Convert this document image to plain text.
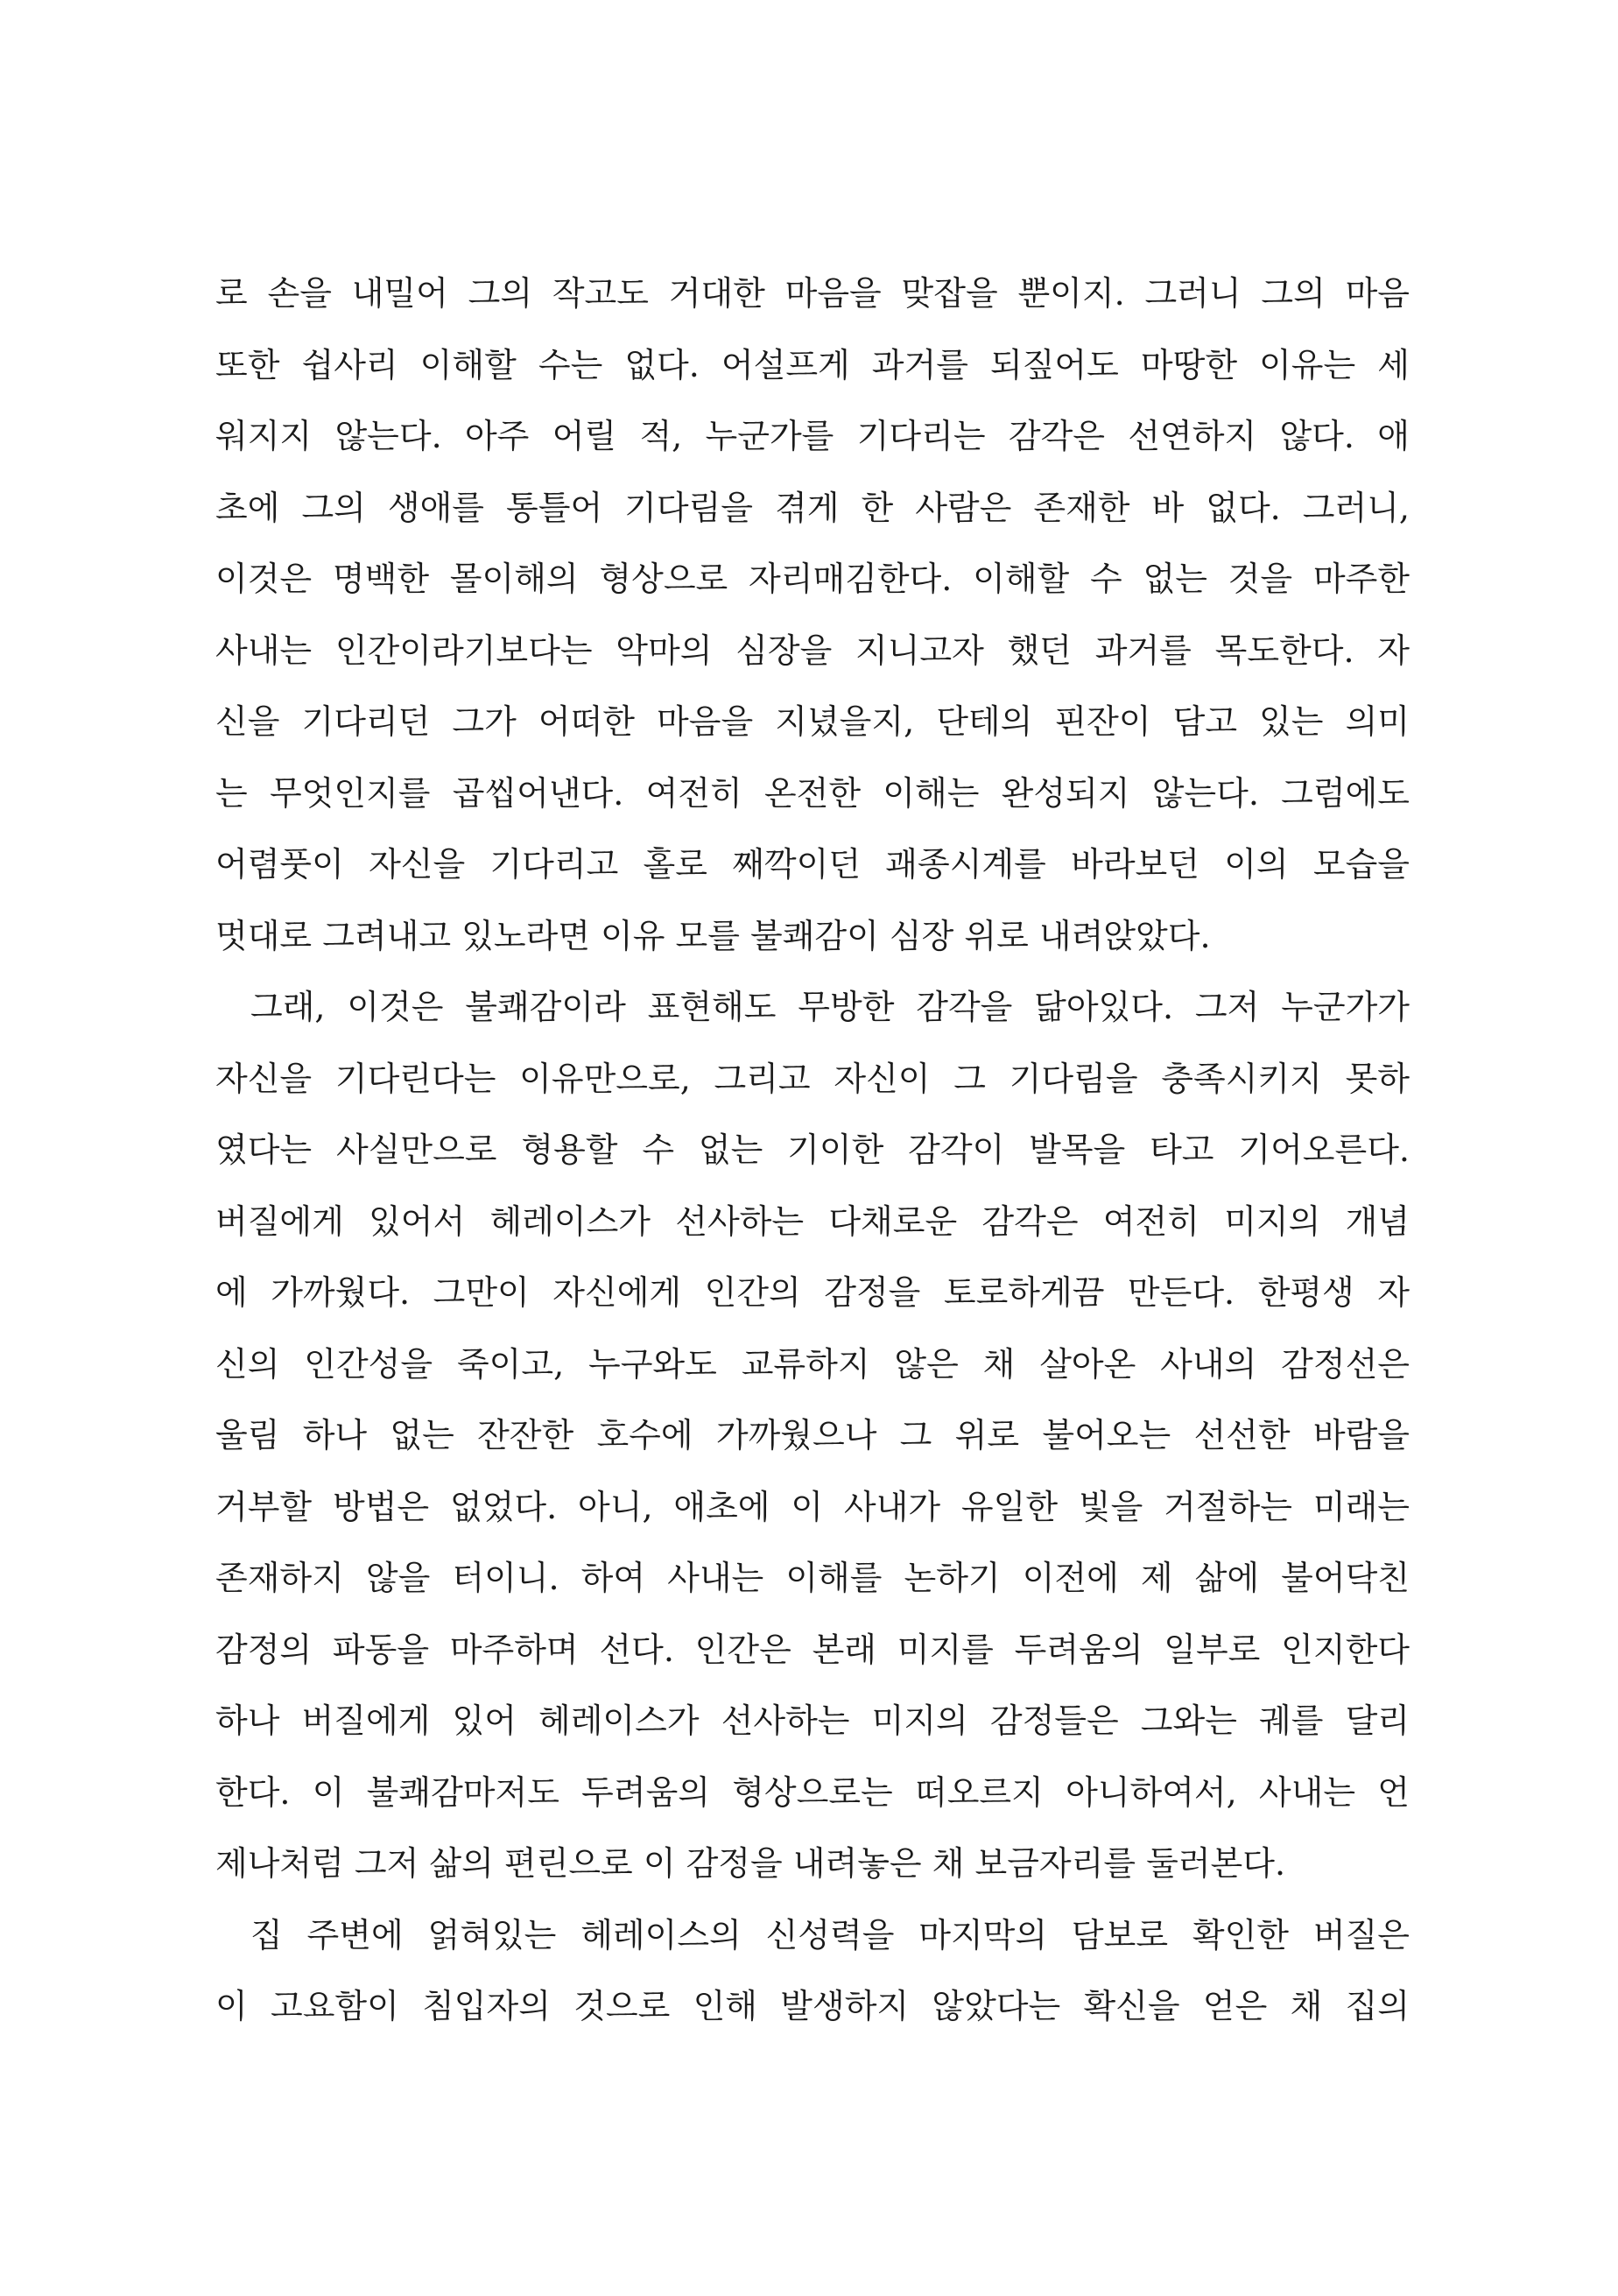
로 손을 내밀어 그의 작고도 거대한 마음을 맞잡을 뿐이지. 그러니 그의 마음
또한 쉽사리 이해할 수는 없다. 어설프게 과거를 되짚어도 마땅한 이유는 세
워지지 않는다. 아주 어릴 적, 누군가를 기다리는 감각은 선연하지 않다. 애
초에 그의 생애를 통틀어 기다림을 겪게 한 사람은 존재한 바 없다. 그러니,
이것은 명백한 몰이해의 형상으로 자리매김한다. 이해할 수 없는 것을 마주한
사내는 인간이라기보다는 악마의 심장을 지니고자 했던 과거를 목도한다. 자
신을 기다리던 그가 어떠한 마음을 지녔을지, 단테의 핀잔이 담고 있는 의미
는 무엇인지를 곱씹어낸다. 여전히 온전한 이해는 완성되지 않는다. 그럼에도
어렴풋이 자신을 기다리고 홀로 째깍이던 괘종시계를 바라보던 이의 모습을
멋대로 그려내고 있노라면 이유 모를 불쾌감이 심장 위로 내려앉았다.
그래, 이것은 불쾌감이라 표현해도 무방한 감각을 닮아있다. 그저 누군가가
자신을 기다린다는 이유만으로, 그리고 자신이 그 기다림을 충족시키지 못하
였다는 사실만으로 형용할 수 없는 기이한 감각이 발목을 타고 기어오른다.
버질에게 있어서 헤레이스가 선사하는 다채로운 감각은 여전히 미지의 개념
에 가까웠다. 그만이 자신에게 인간의 감정을 토로하게끔 만든다. 한평생 자
신의 인간성을 죽이고, 누구와도 교류하지 않은 채 살아온 사내의 감정선은
울림 하나 없는 잔잔한 호수에 가까웠으나 그 위로 불어오는 선선한 바람을
거부할 방법은 없었다. 아니, 애초에 이 사내가 유일한 빛을 거절하는 미래는
존재하지 않을 터이니. 하여 사내는 이해를 논하기 이전에 제 삶에 불어닥친
감정의 파동을 마주하며 선다. 인간은 본래 미지를 두려움의 일부로 인지한다
하나 버질에게 있어 헤레이스가 선사하는 미지의 감정들은 그와는 궤를 달리
한다. 이 불쾌감마저도 두려움의 형상으로는 떠오르지 아니하여서, 사내는 언
제나처럼 그저 삶의 편린으로 이 감정을 내려놓은 채 보금자리를 둘러본다.
집 주변에 얽혀있는 헤레이스의 신성력을 마지막의 담보로 확인한 버질은
이 고요함이 침입자의 것으로 인해 발생하지 않았다는 확신을 얻은 채 집의
